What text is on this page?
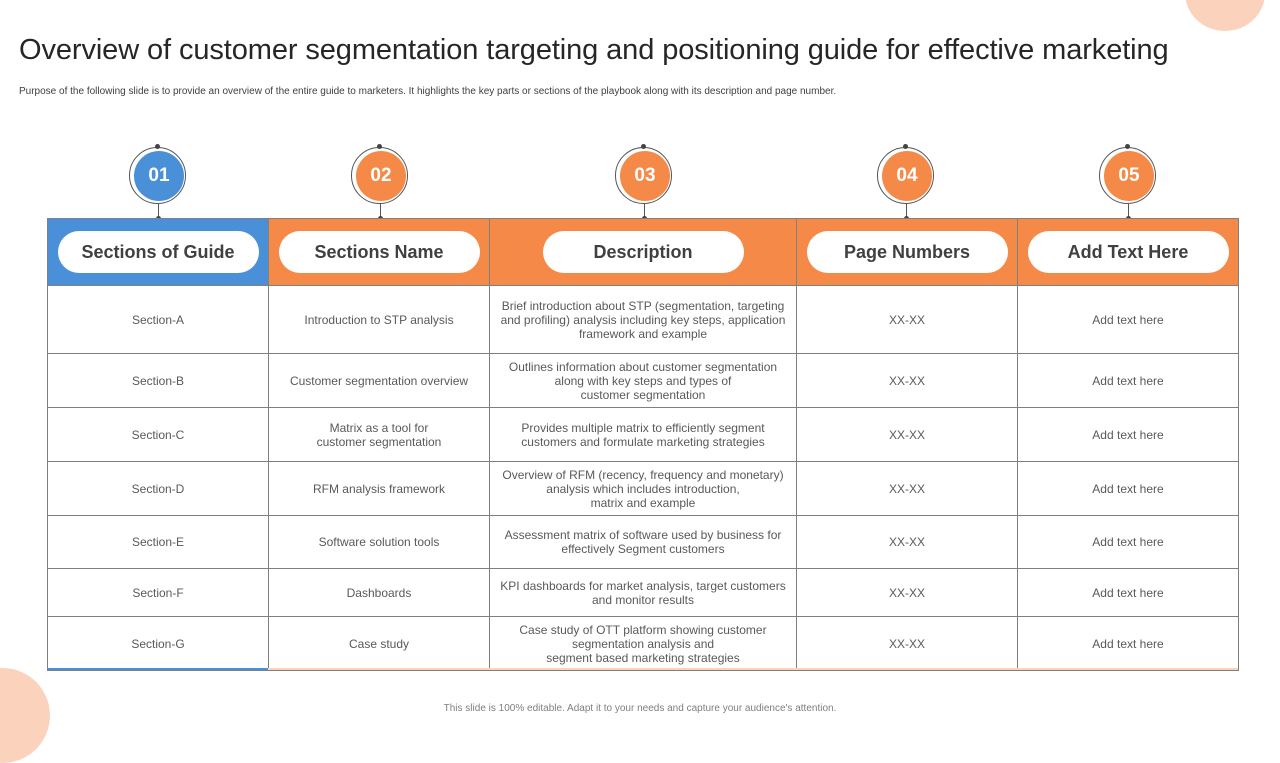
Overview of customer segmentation targeting and positioning guide for effective marketing
Purpose of the following slide is to provide an overview of the entire guide to marketers. It highlights the key parts or sections of the playbook along with its description and page number.
01	02	03	04	05
Sections of Guide	Sections Name	Description	Page Numbers	Add Text Here
Section-A	Introduction to STP analysis	Brief introduction about STP (segmentation, targeting
and profiling) analysis including key steps, application
framework and example	XX-XX	Add text here
Section-B	Customer segmentation overview	Outlines information about customer segmentation
along with key steps and types of
customer segmentation	XX-XX	Add text here
Section-C	Matrix as a tool for
customer segmentation	Provides multiple matrix to efficiently segment
customers and formulate marketing strategies	XX-XX	Add text here
Section-D	RFM analysis framework	Overview of RFM (recency, frequency and monetary)
analysis which includes introduction,
matrix and example	XX-XX	Add text here
Section-E	Software solution tools	Assessment matrix of software used by business for
effectively Segment customers	XX-XX	Add text here
Section-F	Dashboards	KPI dashboards for market analysis, target customers
and monitor results	XX-XX	Add text here
Section-G	Case study	Case study of OTT platform showing customer
segmentation analysis and
segment based marketing strategies	XX-XX	Add text here
This slide is 100% editable. Adapt it to your needs and capture your audience's attention.
